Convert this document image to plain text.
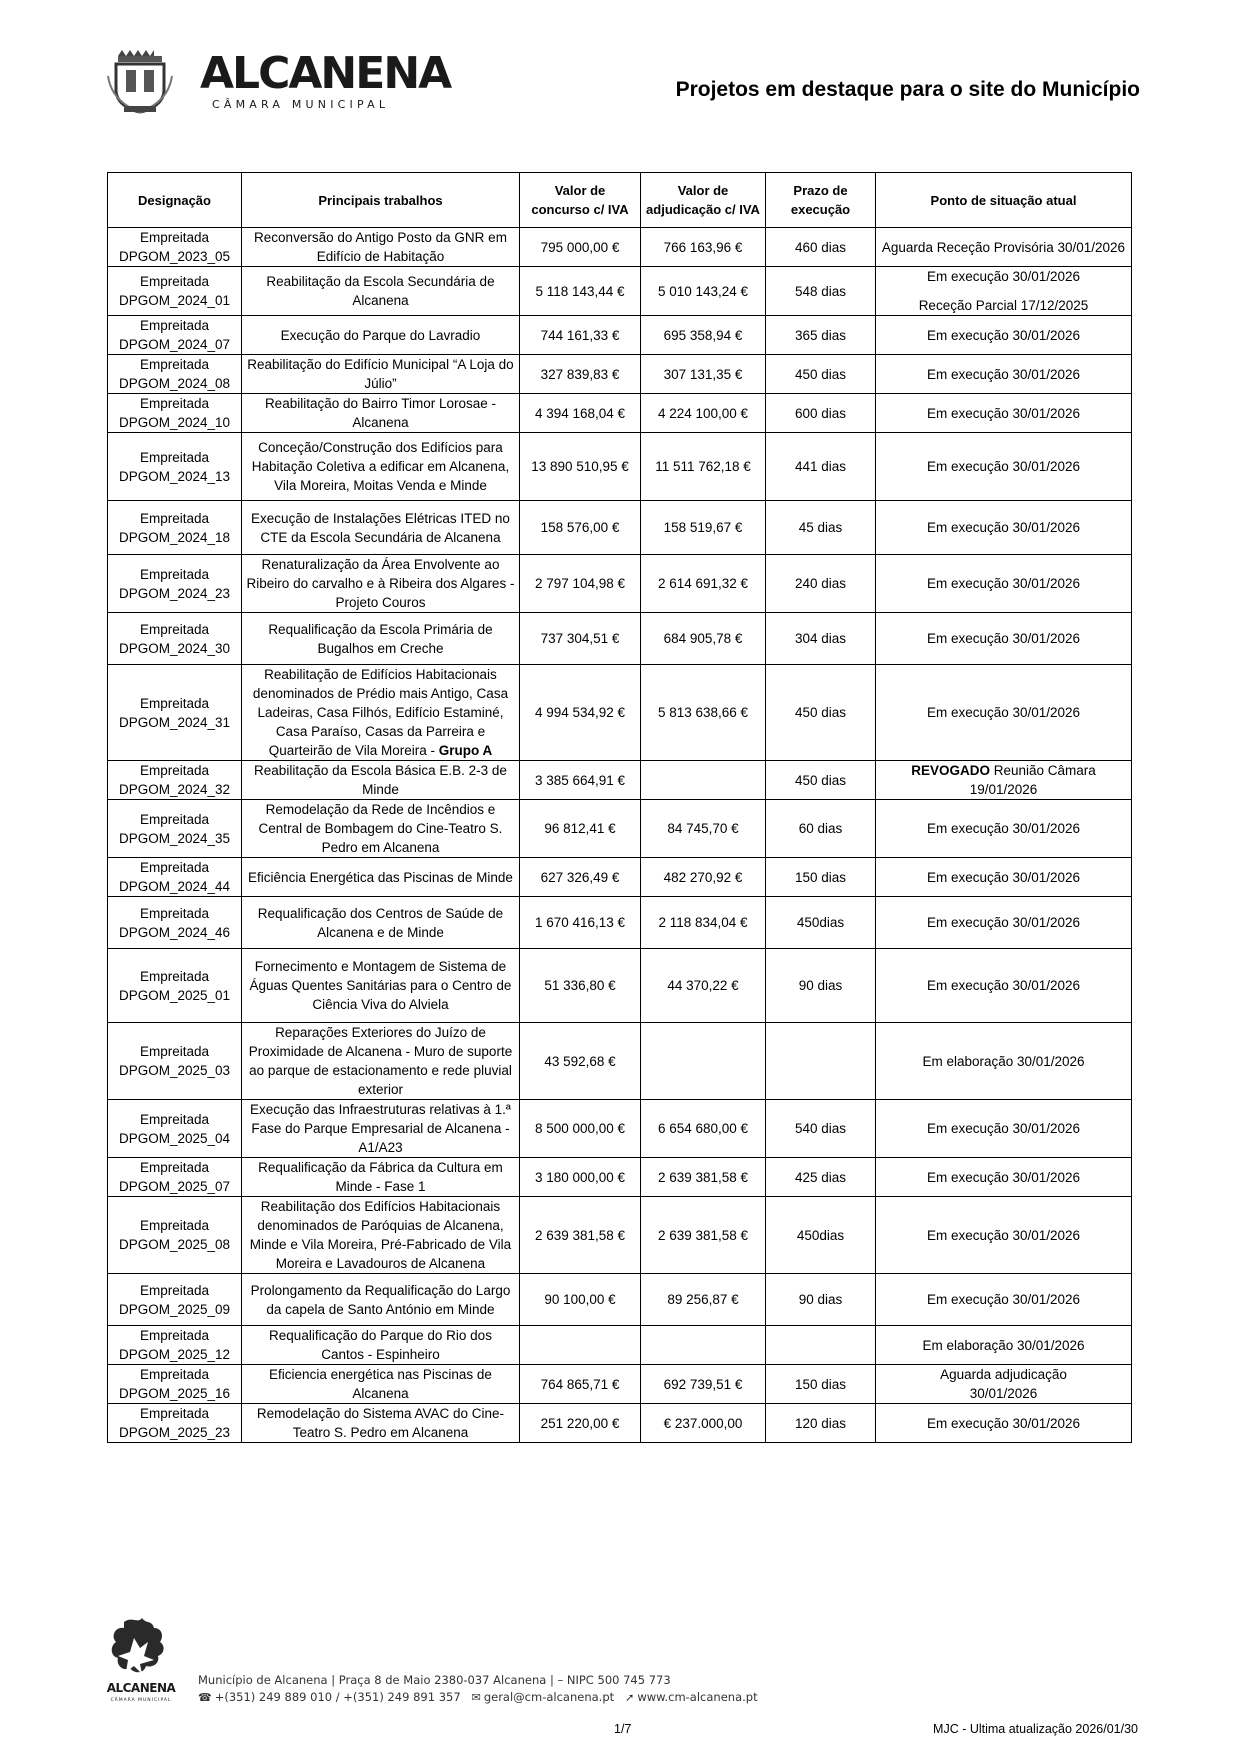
ALCANENA
CÂMARA MUNICIPAL
Projetos em destaque para o site do Município
Designação	Principais trabalhos	Valor de concurso c/ IVA	Valor de adjudicação c/ IVA	Prazo de execução	Ponto de situação atual

Empreitada
DPGOM_2023_05	Reconversão do Antigo Posto da GNR em Edifício de Habitação	795 000,00 €	766 163,96 €	460 dias	Aguarda Receção Provisória 30/01/2026

Empreitada
DPGOM_2024_01	Reabilitação da Escola Secundária de Alcanena	5 118 143,44 €	5 010 143,24 €	548 dias	Em execução 30/01/2026
Receção Parcial 17/12/2025

Empreitada
DPGOM_2024_07	Execução do Parque do Lavradio	744 161,33 €	695 358,94 €	365 dias	Em execução 30/01/2026

Empreitada
DPGOM_2024_08	Reabilitação do Edifício Municipal “A Loja do Júlio”	327 839,83 €	307 131,35 €	450 dias	Em execução 30/01/2026

Empreitada
DPGOM_2024_10	Reabilitação do Bairro Timor Lorosae - Alcanena	4 394 168,04 €	4 224 100,00 €	600 dias	Em execução 30/01/2026

Empreitada
DPGOM_2024_13	Conceção/Construção dos Edifícios para Habitação Coletiva a edificar em Alcanena, Vila Moreira, Moitas Venda e Minde	13 890 510,95 €	11 511 762,18 €	441 dias	Em execução 30/01/2026

Empreitada
DPGOM_2024_18	Execução de Instalações Elétricas ITED no CTE da Escola Secundária de Alcanena	158 576,00 €	158 519,67 €	45 dias	Em execução 30/01/2026

Empreitada
DPGOM_2024_23	Renaturalização da Área Envolvente ao Ribeiro do carvalho e à Ribeira dos Algares - Projeto Couros	2 797 104,98 €	2 614 691,32 €	240 dias	Em execução 30/01/2026

Empreitada
DPGOM_2024_30	Requalificação da Escola Primária de Bugalhos em Creche	737 304,51 €	684 905,78 €	304 dias	Em execução 30/01/2026

Empreitada
DPGOM_2024_31	Reabilitação de Edifícios Habitacionais denominados de Prédio mais Antigo, Casa Ladeiras, Casa Filhós, Edifício Estaminé, Casa Paraíso, Casas da Parreira e Quarteirão de Vila Moreira - Grupo A	4 994 534,92 €	5 813 638,66 €	450 dias	Em execução 30/01/2026

Empreitada
DPGOM_2024_32	Reabilitação da Escola Básica E.B. 2-3 de Minde	3 385 664,91 €		450 dias	REVOGADO Reunião Câmara 19/01/2026

Empreitada
DPGOM_2024_35	Remodelação da Rede de Incêndios e Central de Bombagem do Cine-Teatro S. Pedro em Alcanena	96 812,41 €	84 745,70 €	60 dias	Em execução 30/01/2026

Empreitada
DPGOM_2024_44	Eficiência Energética das Piscinas de Minde	627 326,49 €	482 270,92 €	150 dias	Em execução 30/01/2026

Empreitada
DPGOM_2024_46	Requalificação dos Centros de Saúde de Alcanena e de Minde	1 670 416,13 €	2 118 834,04 €	450dias	Em execução 30/01/2026

Empreitada
DPGOM_2025_01	Fornecimento e Montagem de Sistema de Águas Quentes Sanitárias para o Centro de Ciência Viva do Alviela	51 336,80 €	44 370,22 €	90 dias	Em execução 30/01/2026

Empreitada
DPGOM_2025_03	Reparações Exteriores do Juízo de Proximidade de Alcanena - Muro de suporte ao parque de estacionamento e rede pluvial exterior	43 592,68 €			Em elaboração 30/01/2026

Empreitada
DPGOM_2025_04	Execução das Infraestruturas relativas à 1.ª Fase do Parque Empresarial de Alcanena - A1/A23	8 500 000,00 €	6 654 680,00 €	540 dias	Em execução 30/01/2026

Empreitada
DPGOM_2025_07	Requalificação da Fábrica da Cultura em Minde - Fase 1	3 180 000,00 €	2 639 381,58 €	425 dias	Em execução 30/01/2026

Empreitada
DPGOM_2025_08	Reabilitação dos Edifícios Habitacionais denominados de Paróquias de Alcanena, Minde e Vila Moreira, Pré-Fabricado de Vila Moreira e Lavadouros de Alcanena	2 639 381,58 €	2 639 381,58 €	450dias	Em execução 30/01/2026

Empreitada
DPGOM_2025_09	Prolongamento da Requalificação do Largo da capela de Santo António em Minde	90 100,00 €	89 256,87 €	90 dias	Em execução 30/01/2026

Empreitada
DPGOM_2025_12	Requalificação do Parque do Rio dos Cantos - Espinheiro				Em elaboração 30/01/2026

Empreitada
DPGOM_2025_16	Eficiencia energética nas Piscinas de Alcanena	764 865,71 €	692 739,51 €	150 dias	Aguarda adjudicação
30/01/2026

Empreitada
DPGOM_2025_23	Remodelação do Sistema AVAC do Cine-Teatro S. Pedro em Alcanena	251 220,00 €	€ 237.000,00	120 dias	Em execução 30/01/2026
ALCANENA
CÂMARA MUNICIPAL
Município de Alcanena | Praça 8 de Maio 2380-037 Alcanena | – NIPC 500 745 773
☎ +(351) 249 889 010 / +(351) 249 891 357 ✉ geral@cm-alcanena.pt ➚ www.cm-alcanena.pt
1/7	MJC - Ultima atualização 2026/01/30
